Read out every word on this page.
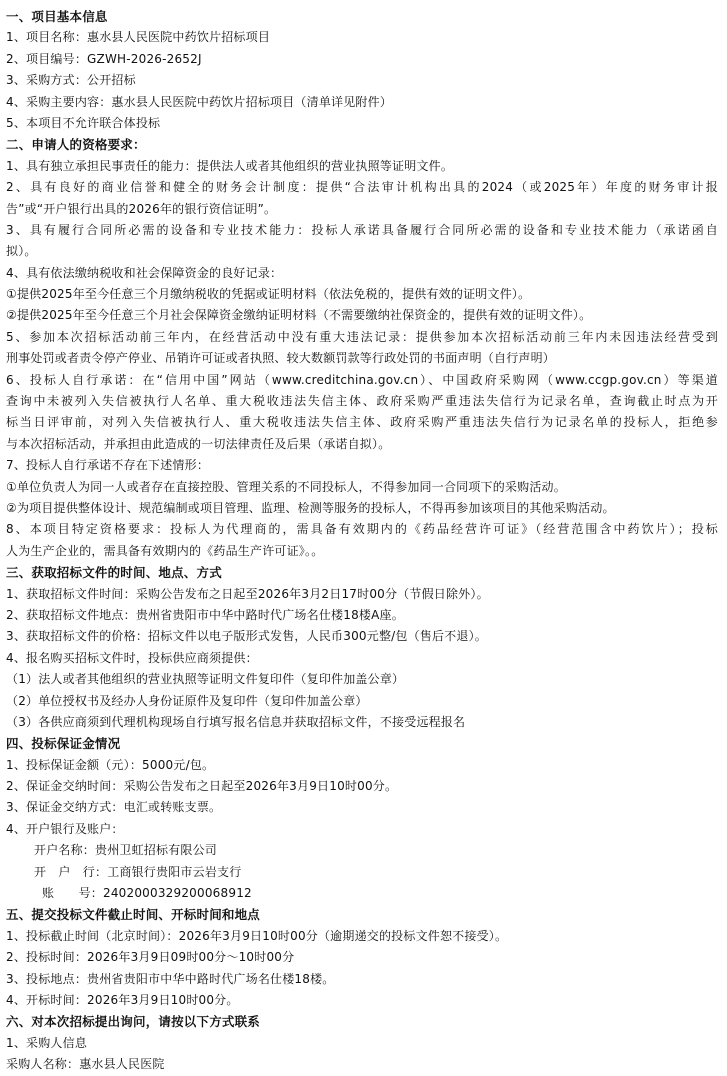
一、项目基本信息
1、项目名称：惠水县人民医院中药饮片招标项目
2、项目编号：GZWH-2026-2652J
3、采购方式：公开招标
4、采购主要内容：惠水县人民医院中药饮片招标项目（清单详见附件）
5、本项目不允许联合体投标
二、申请人的资格要求：
1、具有独立承担民事责任的能力：提供法人或者其他组织的营业执照等证明文件。
2、具有良好的商业信誉和健全的财务会计制度：提供“合法审计机构出具的2024（或2025年）年度的财务审计报
告”或“开户银行出具的2026年的银行资信证明”。
3、具有履行合同所必需的设备和专业技术能力：投标人承诺具备履行合同所必需的设备和专业技术能力（承诺函自
拟）。
4、具有依法缴纳税收和社会保障资金的良好记录：
①提供2025年至今任意三个月缴纳税收的凭据或证明材料（依法免税的，提供有效的证明文件）。
②提供2025年至今任意三个月社会保障资金缴纳证明材料（不需要缴纳社保资金的，提供有效的证明文件）。
5、参加本次招标活动前三年内，在经营活动中没有重大违法记录：提供参加本次招标活动前三年内未因违法经营受到
刑事处罚或者责令停产停业、吊销许可证或者执照、较大数额罚款等行政处罚的书面声明（自行声明）
6、投标人自行承诺：在“信用中国”网站（www.creditchina.gov.cn）、中国政府采购网（www.ccgp.gov.cn）等渠道
查询中未被列入失信被执行人名单、重大税收违法失信主体、政府采购严重违法失信行为记录名单，查询截止时点为开
标当日评审前，对列入失信被执行人、重大税收违法失信主体、政府采购严重违法失信行为记录名单的投标人，拒绝参
与本次招标活动，并承担由此造成的一切法律责任及后果（承诺自拟）。
7、投标人自行承诺不存在下述情形：
①单位负责人为同一人或者存在直接控股、管理关系的不同投标人，不得参加同一合同项下的采购活动。
②为项目提供整体设计、规范编制或项目管理、监理、检测等服务的投标人，不得再参加该项目的其他采购活动。
8、本项目特定资格要求：投标人为代理商的，需具备有效期内的《药品经营许可证》（经营范围含中药饮片）；投标
人为生产企业的，需具备有效期内的《药品生产许可证》。。
三、获取招标文件的时间、地点、方式
1、获取招标文件时间：采购公告发布之日起至2026年3月2日17时00分（节假日除外）。
2、获取招标文件地点：贵州省贵阳市中华中路时代广场名仕楼18楼A座。
3、获取招标文件的价格：招标文件以电子版形式发售，人民币300元整/包（售后不退）。
4、报名购买招标文件时，投标供应商须提供：
（1）法人或者其他组织的营业执照等证明文件复印件（复印件加盖公章）
（2）单位授权书及经办人身份证原件及复印件（复印件加盖公章）
（3）各供应商须到代理机构现场自行填写报名信息并获取招标文件，不接受远程报名
四、投标保证金情况
1、投标保证金额（元）：5000元/包。
2、保证金交纳时间：采购公告发布之日起至2026年3月9日10时00分。
3、保证金交纳方式：电汇或转账支票。
4、开户银行及账户：
开户名称：贵州卫虹招标有限公司
开　户　行：工商银行贵阳市云岩支行
账　　号：2402000329200068912
五、提交投标文件截止时间、开标时间和地点
1、投标截止时间（北京时间）：2026年3月9日10时00分（逾期递交的投标文件恕不接受）。
2、投标时间：2026年3月9日09时00分～10时00分
3、投标地点：贵州省贵阳市中华中路时代广场名仕楼18楼。
4、开标时间：2026年3月9日10时00分。
六、对本次招标提出询问，请按以下方式联系
1、采购人信息
采购人名称：惠水县人民医院
